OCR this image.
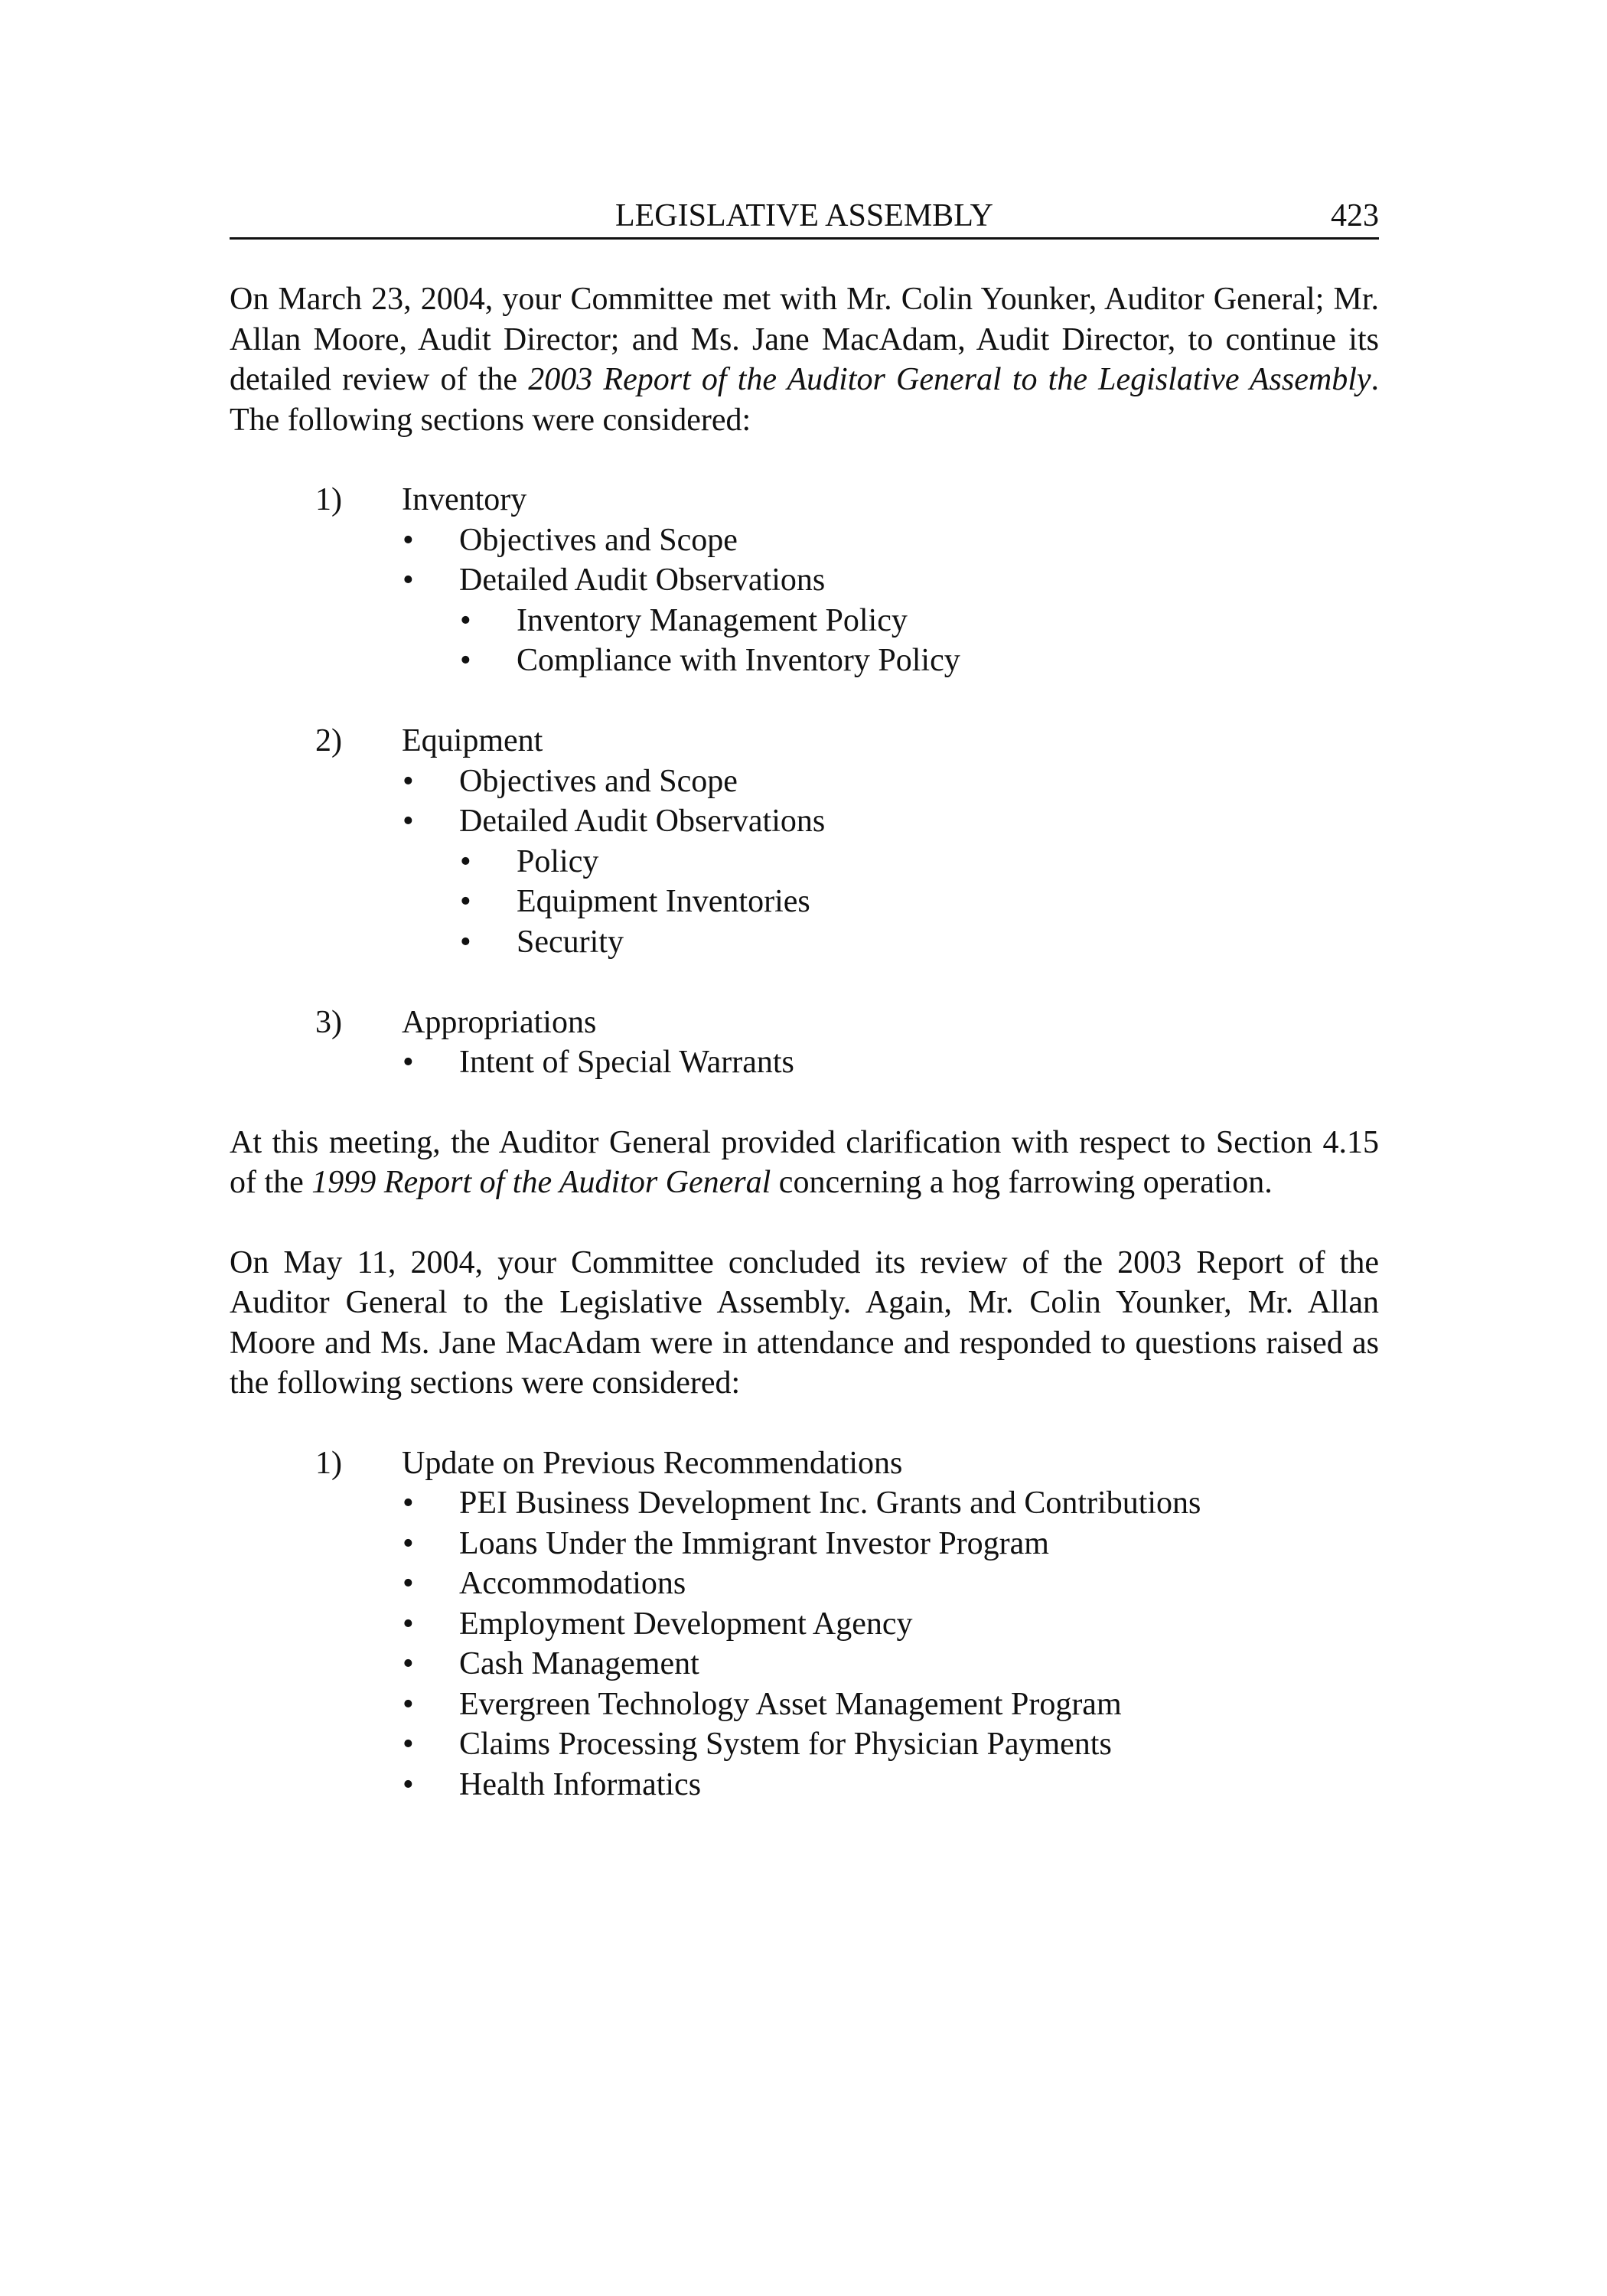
LEGISLATIVE ASSEMBLY	423

On March 23, 2004, your Committee met with Mr. Colin Younker, Auditor General; Mr. Allan Moore, Audit Director; and Ms. Jane MacAdam, Audit Director, to continue its detailed review of the 2003 Report of the Auditor General to the Legislative Assembly. The following sections were considered:

1) Inventory
• Objectives and Scope
• Detailed Audit Observations
• Inventory Management Policy
• Compliance with Inventory Policy
2) Equipment
• Objectives and Scope
• Detailed Audit Observations
• Policy
• Equipment Inventories
• Security
3) Appropriations
• Intent of Special Warrants

At this meeting, the Auditor General provided clarification with respect to Section 4.15 of the 1999 Report of the Auditor General concerning a hog farrowing operation.

On May 11, 2004, your Committee concluded its review of the 2003 Report of the Auditor General to the Legislative Assembly. Again, Mr. Colin Younker, Mr. Allan Moore and Ms. Jane MacAdam were in attendance and responded to questions raised as the following sections were considered:

1) Update on Previous Recommendations
• PEI Business Development Inc. Grants and Contributions
• Loans Under the Immigrant Investor Program
• Accommodations
• Employment Development Agency
• Cash Management
• Evergreen Technology Asset Management Program
• Claims Processing System for Physician Payments
• Health Informatics
